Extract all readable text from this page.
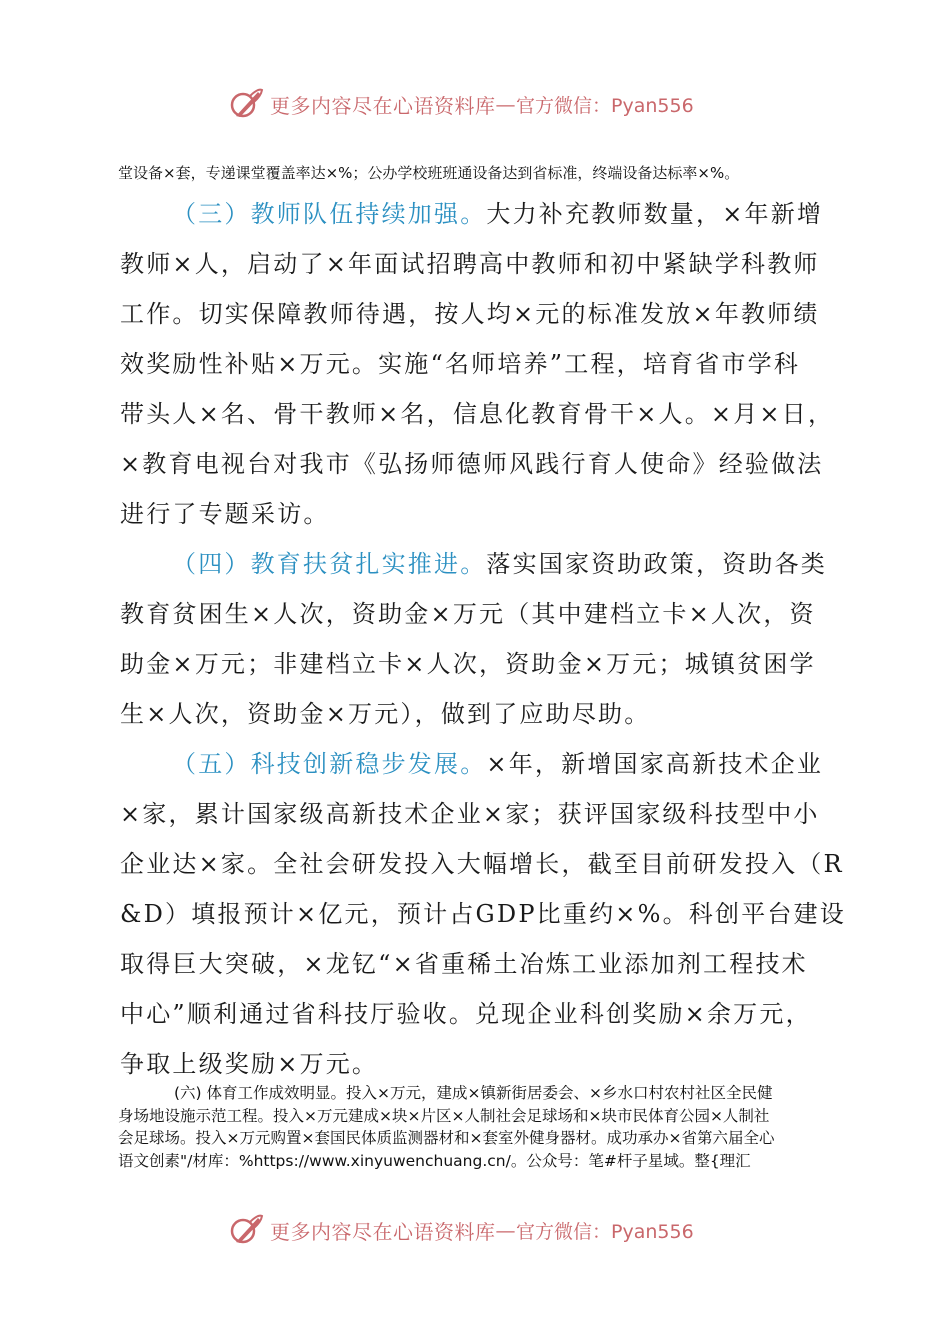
更多内容尽在心语资料库 — 官方微信：Pyan556
堂设备×套，专递课堂覆盖率达×%；公办学校班班通设备达到省标准，终端设备达标率×%。

（三）教师队伍持续加强。大力补充教师数量，×年新增
教师×人，启动了×年面试招聘高中教师和初中紧缺学科教师
工作。切实保障教师待遇，按人均×元的标准发放×年教师绩
效奖励性补贴×万元。实施“名师培养”工程，培育省市学科
带头人×名、骨干教师×名，信息化教育骨干×人。×月×日，
×教育电视台对我市《弘扬师德师风践行育人使命》经验做法
进行了专题采访。

（四）教育扶贫扎实推进。落实国家资助政策，资助各类
教育贫困生×人次，资助金×万元（其中建档立卡×人次，资
助金×万元；非建档立卡×人次，资助金×万元；城镇贫困学
生×人次，资助金×万元），做到了应助尽助。

（五）科技创新稳步发展。×年，新增国家高新技术企业
×家，累计国家级高新技术企业×家；获评国家级科技型中小
企业达×家。全社会研发投入大幅增长，截至目前研发投入（R
&D）填报预计×亿元，预计占GDP比重约×%。科创平台建设
取得巨大突破，×龙钇“×省重稀土冶炼工业添加剂工程技术
中心”顺利通过省科技厅验收。兑现企业科创奖励×余万元，
争取上级奖励×万元。

(六) 体育工作成效明显。投入×万元，建成×镇新街居委会、×乡水口村农村社区全民健
身场地设施示范工程。投入×万元建成×块×片区×人制社会足球场和×块市民体育公园×人制社
会足球场。投入×万元购置×套国民体质监测器材和×套室外健身器材。成功承办×省第六届全心
语文创素"/材库：%https://www.xinyuwenchuang.cn/。公众号：笔#杆子星域。整{理汇
更多内容尽在心语资料库 — 官方微信：Pyan556
